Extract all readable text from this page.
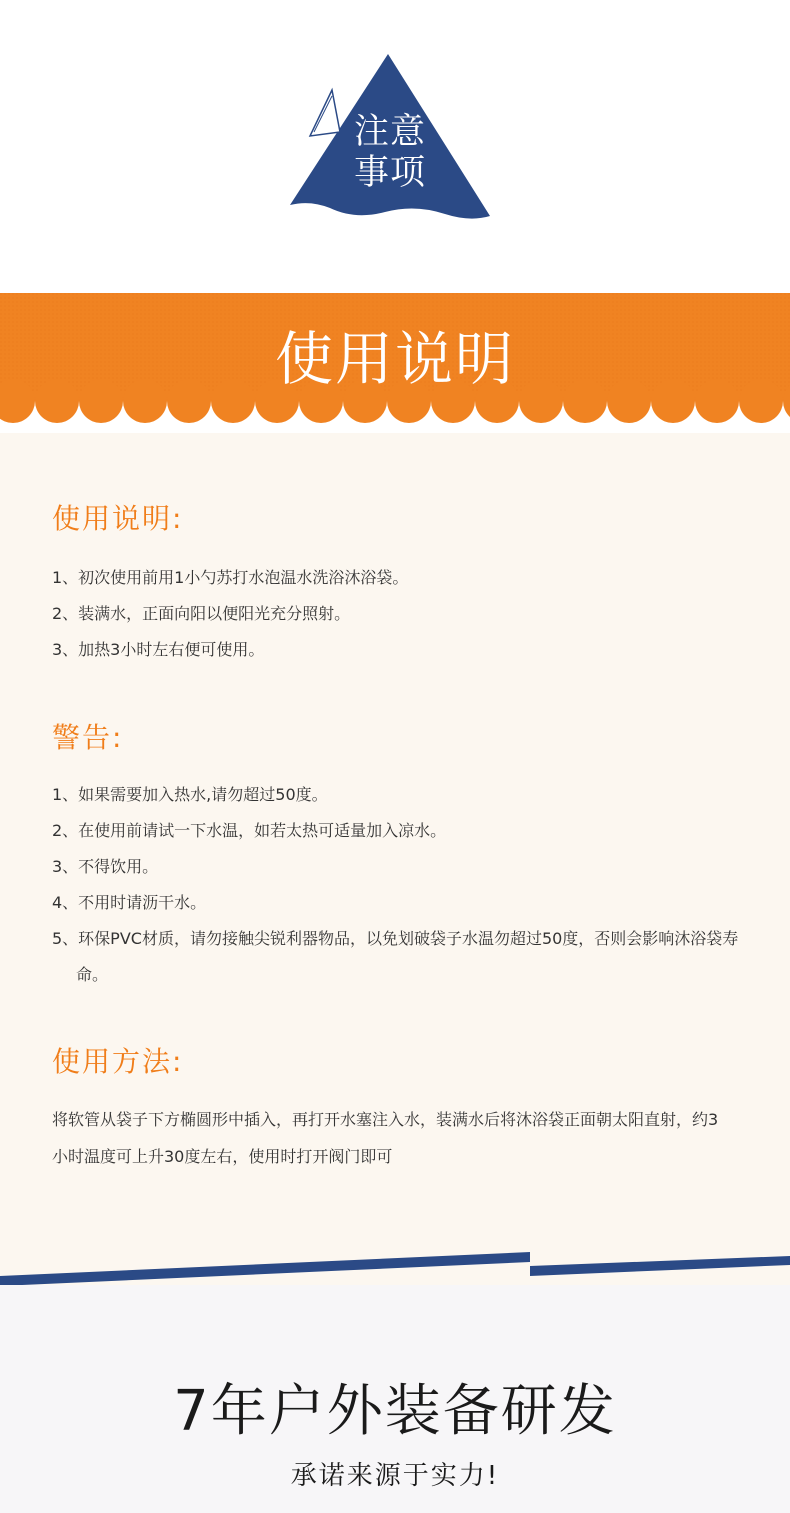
注意
事项
使用说明
使用说明:
1、初次使用前用1小勺苏打水泡温水洗浴沐浴袋。
2、装满水，正面向阳以便阳光充分照射。
3、加热3小时左右便可使用。
警告:
1、如果需要加入热水,请勿超过50度。
2、在使用前请试一下水温，如若太热可适量加入凉水。
3、不得饮用。
4、不用时请沥干水。
5、环保PVC材质，请勿接触尖锐利器物品，以免划破袋子水温勿超过50度，否则会影响沐浴袋寿命。
使用方法:

将软管从袋子下方椭圆形中插入，再打开水塞注入水，装满水后将沐浴袋正面朝太阳直射，约3小时温度可上升30度左右，使用时打开阀门即可

7年户外装备研发
承诺来源于实力!
